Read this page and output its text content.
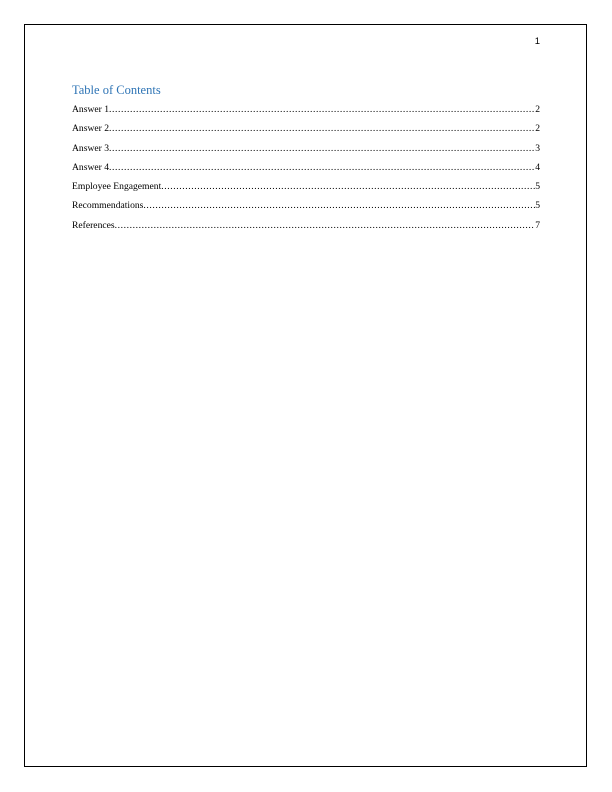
1
Table of Contents
Answer 1 .....	2
Answer 2 .....	2
Answer 3 .....	3
Answer 4 .....	4
Employee Engagement .....	5
Recommendations .....	5
References .....	7
